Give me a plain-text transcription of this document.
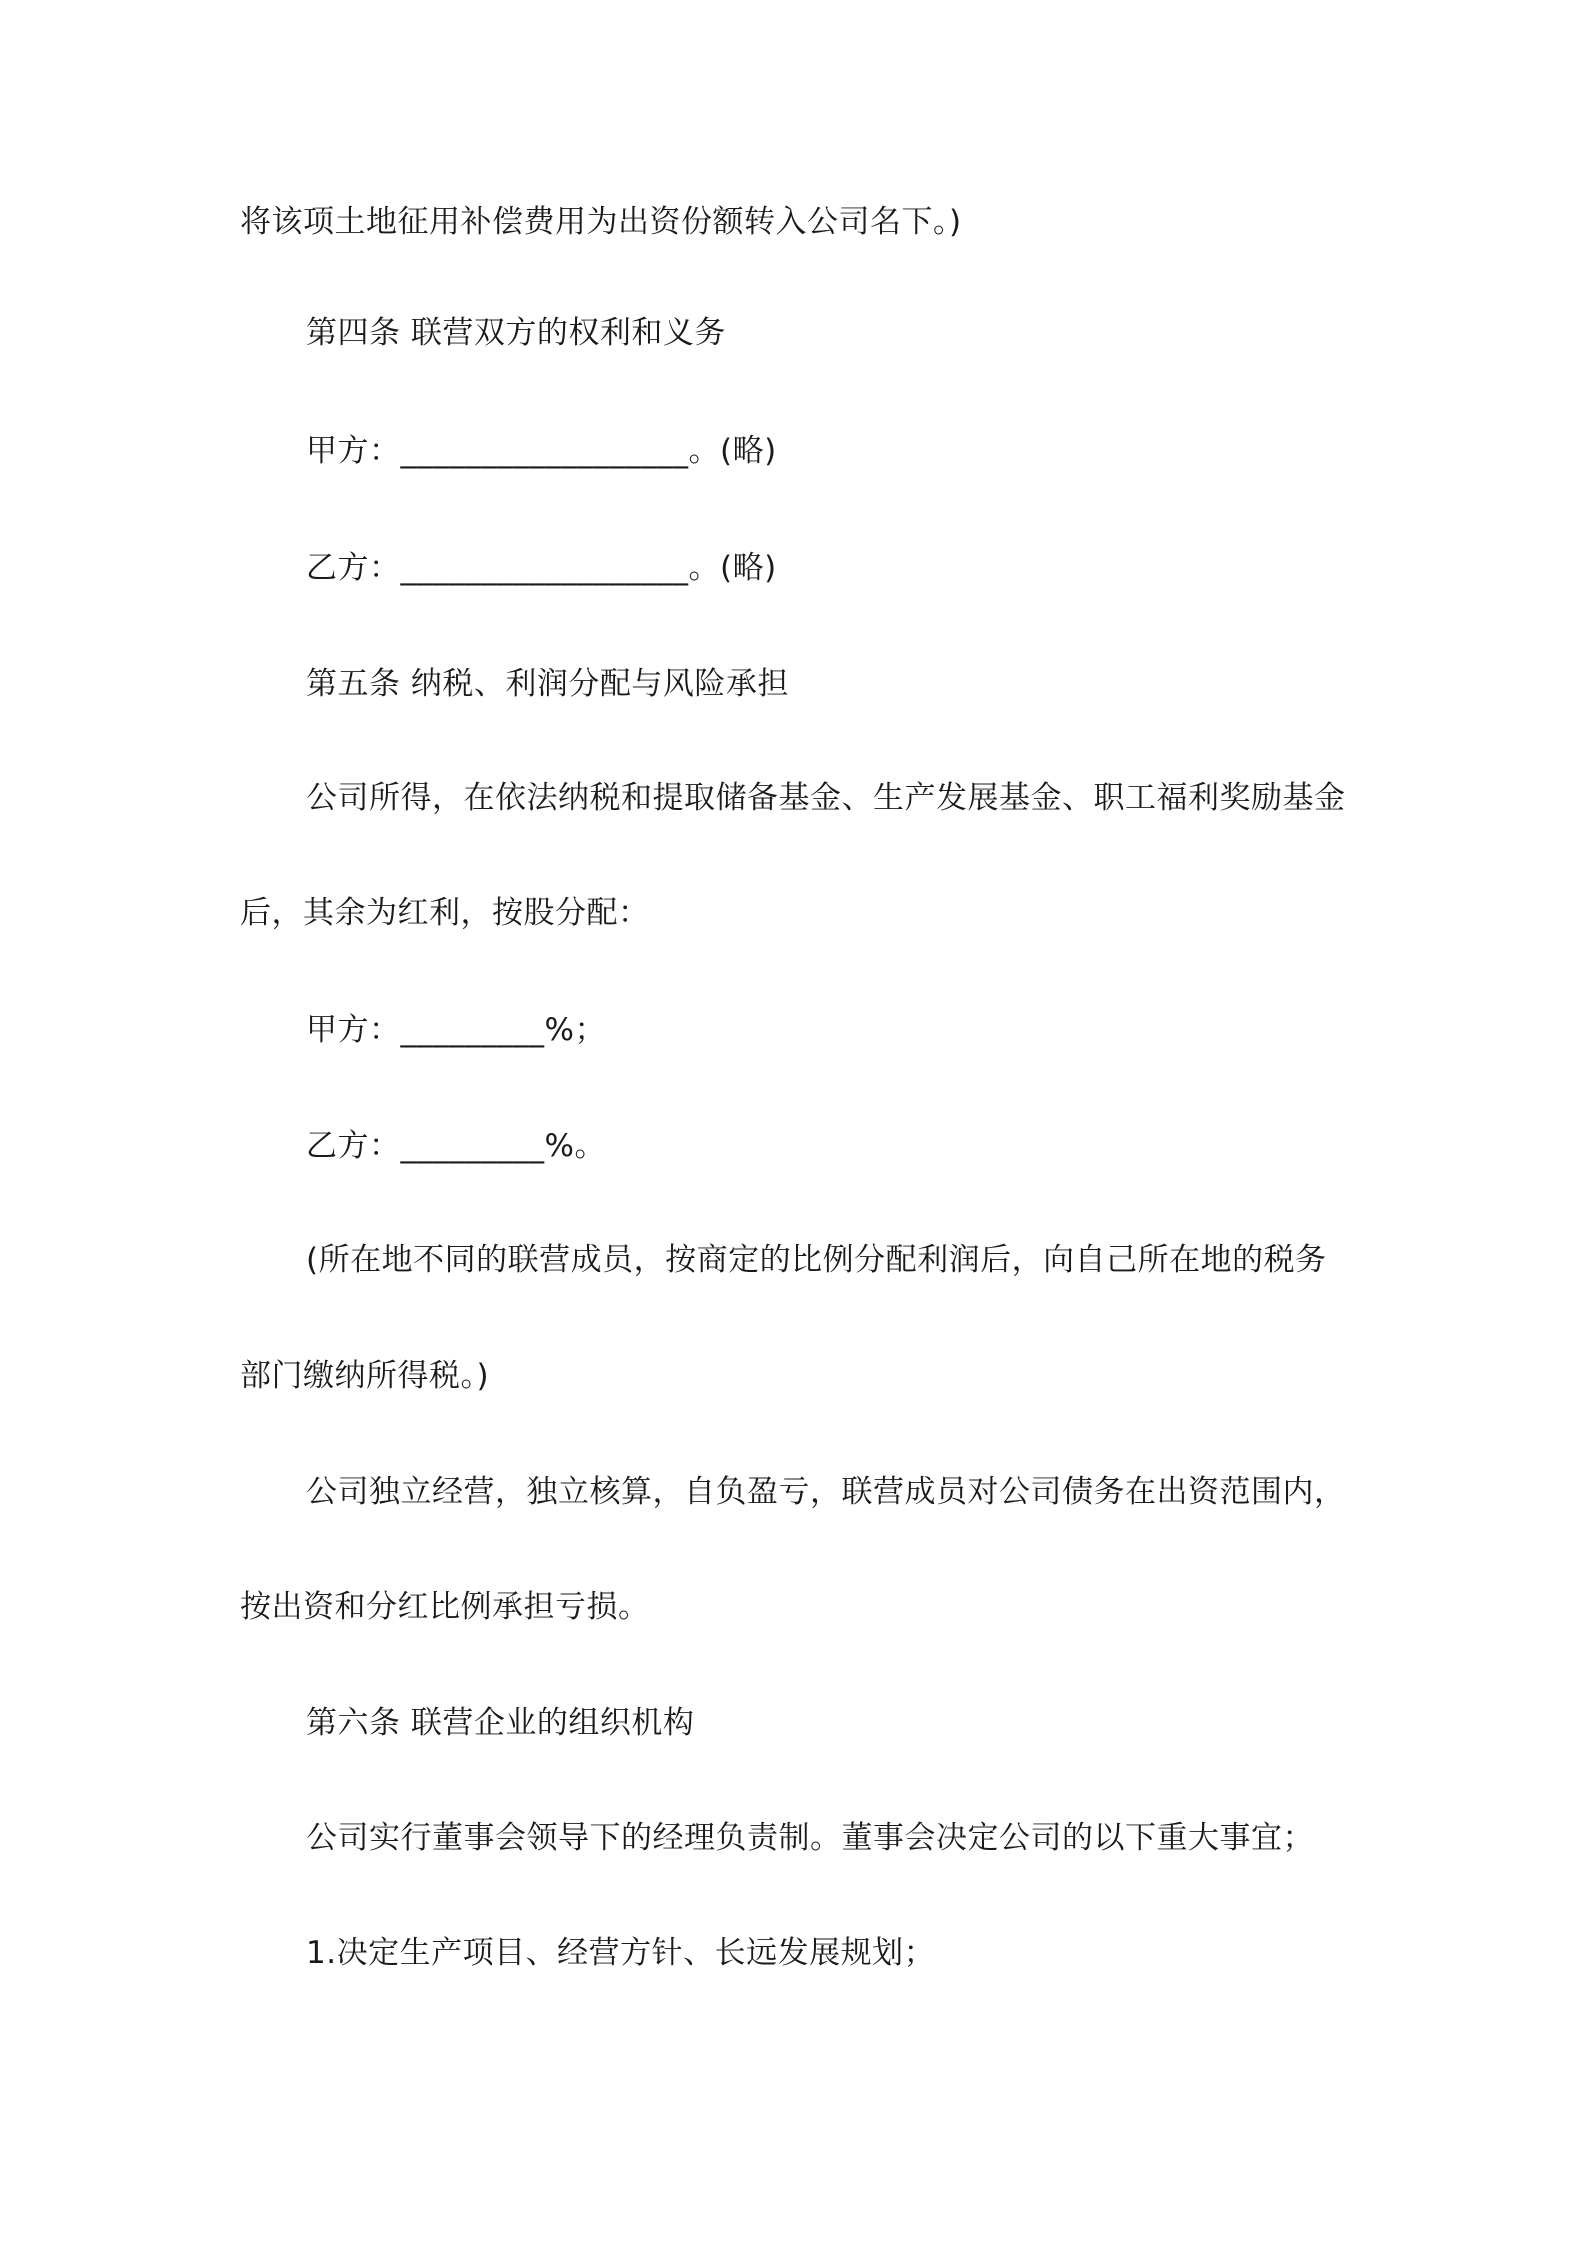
将该项土地征用补偿费用为出资份额转入公司名下。)
第四条 联营双方的权利和义务
甲方：__________________。(略)
乙方：__________________。(略)
第五条 纳税、利润分配与风险承担
公司所得，在依法纳税和提取储备基金、生产发展基金、职工福利奖励基金
后，其余为红利，按股分配：
甲方：_________%；
乙方：_________%。
(所在地不同的联营成员，按商定的比例分配利润后，向自己所在地的税务
部门缴纳所得税。)
公司独立经营，独立核算，自负盈亏，联营成员对公司债务在出资范围内，
按出资和分红比例承担亏损。
第六条 联营企业的组织机构
公司实行董事会领导下的经理负责制。董事会决定公司的以下重大事宜；
1.决定生产项目、经营方针、长远发展规划；
